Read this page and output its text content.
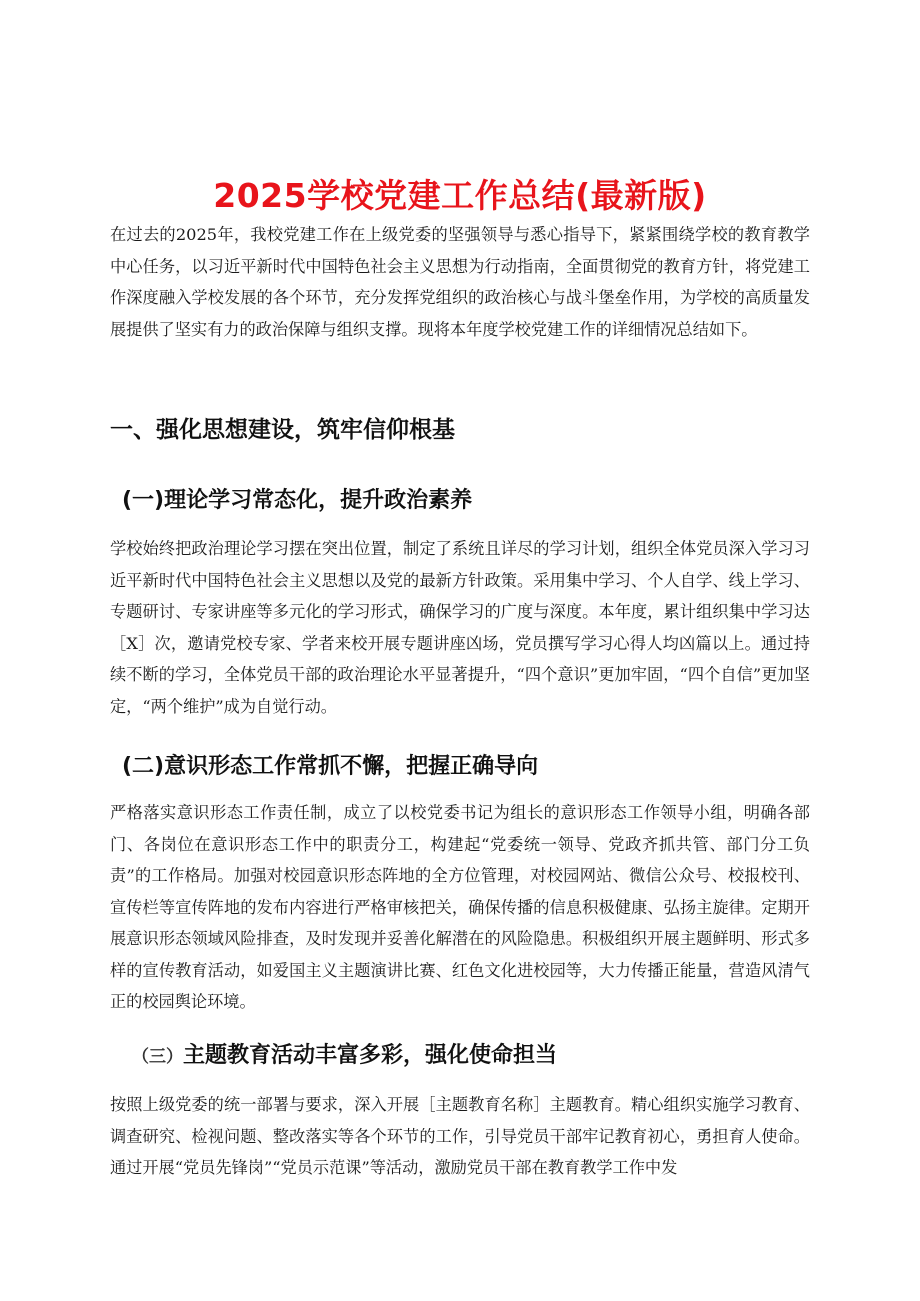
2025学校党建工作总结(最新版)

在过去的2025年，我校党建工作在上级党委的坚强领导与悉心指导下，紧紧围绕学校的教育教学中心任务，以习近平新时代中国特色社会主义思想为行动指南，全面贯彻党的教育方针，将党建工作深度融入学校发展的各个环节，充分发挥党组织的政治核心与战斗堡垒作用，为学校的高质量发展提供了坚实有力的政治保障与组织支撑。现将本年度学校党建工作的详细情况总结如下。

一、强化思想建设，筑牢信仰根基
(一)理论学习常态化，提升政治素养

学校始终把政治理论学习摆在突出位置，制定了系统且详尽的学习计划，组织全体党员深入学习习近平新时代中国特色社会主义思想以及党的最新方针政策。采用集中学习、个人自学、线上学习、专题研讨、专家讲座等多元化的学习形式，确保学习的广度与深度。本年度，累计组织集中学习达［X］次，邀请党校专家、学者来校开展专题讲座凶场，党员撰写学习心得人均凶篇以上。通过持续不断的学习，全体党员干部的政治理论水平显著提升，“四个意识”更加牢固，“四个自信”更加坚定，“两个维护”成为自觉行动。

(二)意识形态工作常抓不懈，把握正确导向

严格落实意识形态工作责任制，成立了以校党委书记为组长的意识形态工作领导小组，明确各部门、各岗位在意识形态工作中的职责分工，构建起“党委统一领导、党政齐抓共管、部门分工负责”的工作格局。加强对校园意识形态阵地的全方位管理，对校园网站、微信公众号、校报校刊、宣传栏等宣传阵地的发布内容进行严格审核把关，确保传播的信息积极健康、弘扬主旋律。定期开展意识形态领域风险排查，及时发现并妥善化解潜在的风险隐患。积极组织开展主题鲜明、形式多样的宣传教育活动，如爱国主义主题演讲比赛、红色文化进校园等，大力传播正能量，营造风清气正的校园舆论环境。

（三）主题教育活动丰富多彩，强化使命担当

按照上级党委的统一部署与要求，深入开展［主题教育名称］主题教育。精心组织实施学习教育、调查研究、检视问题、整改落实等各个环节的工作，引导党员干部牢记教育初心，勇担育人使命。通过开展“党员先锋岗”“党员示范课”等活动，激励党员干部在教育教学工作中发
